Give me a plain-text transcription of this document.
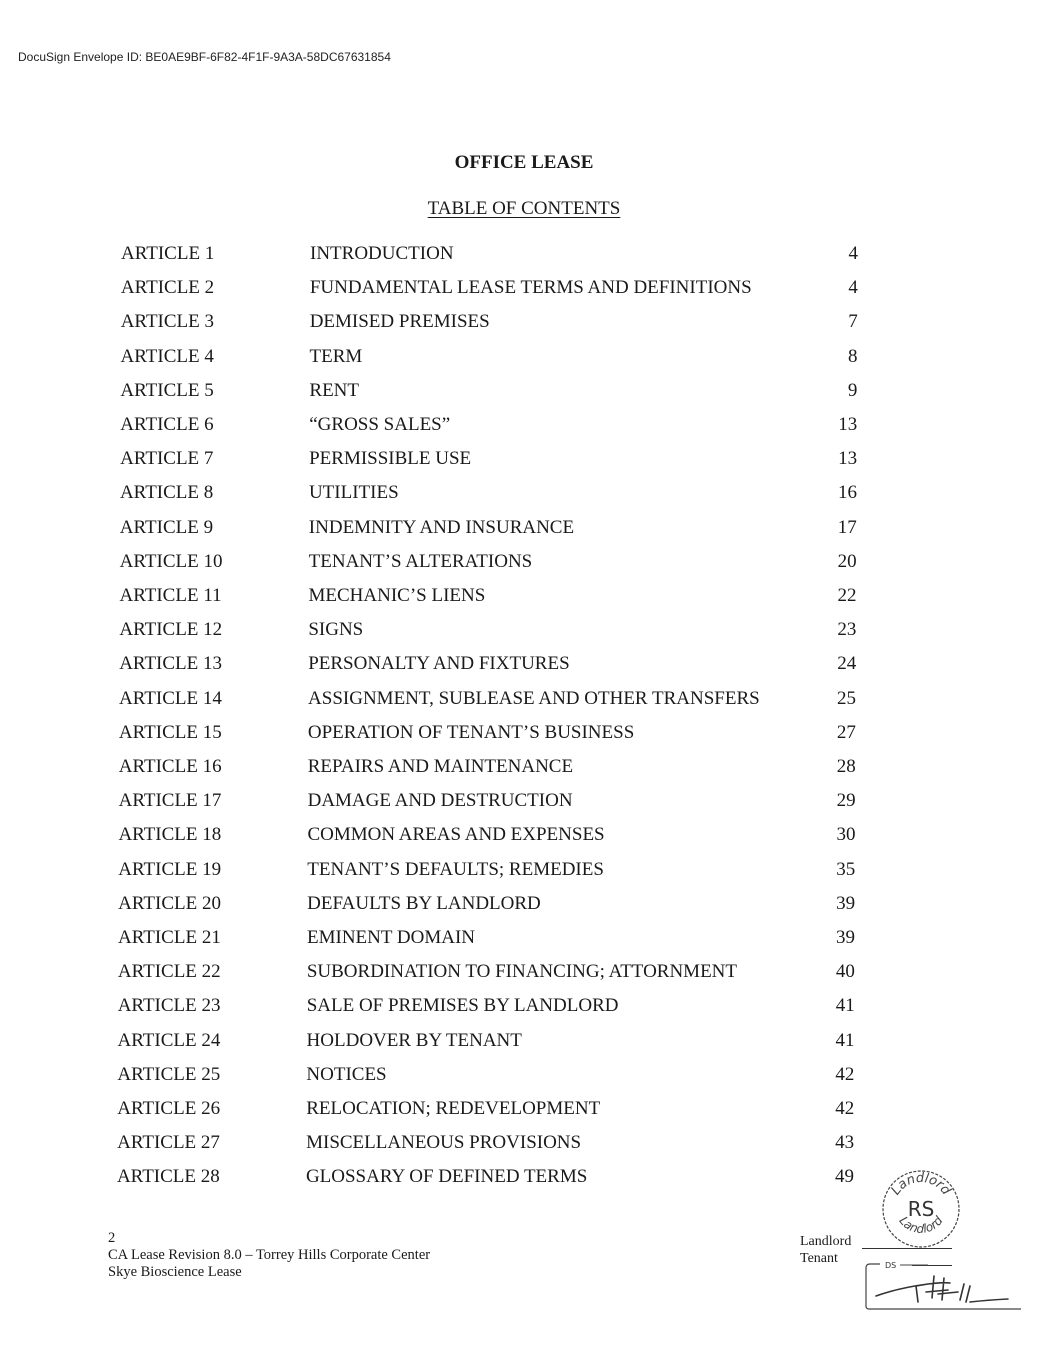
DocuSign Envelope ID: BE0AE9BF-6F82-4F1F-9A3A-58DC67631854
OFFICE LEASE
TABLE OF CONTENTS
ARTICLE 1	INTRODUCTION	4
ARTICLE 2	FUNDAMENTAL LEASE TERMS AND DEFINITIONS	4
ARTICLE 3	DEMISED PREMISES	7
ARTICLE 4	TERM	8
ARTICLE 5	RENT	9
ARTICLE 6	“GROSS SALES”	13
ARTICLE 7	PERMISSIBLE USE	13
ARTICLE 8	UTILITIES	16
ARTICLE 9	INDEMNITY AND INSURANCE	17
ARTICLE 10	TENANT’S ALTERATIONS	20
ARTICLE 11	MECHANIC’S LIENS	22
ARTICLE 12	SIGNS	23
ARTICLE 13	PERSONALTY AND FIXTURES	24
ARTICLE 14	ASSIGNMENT, SUBLEASE AND OTHER TRANSFERS	25
ARTICLE 15	OPERATION OF TENANT’S BUSINESS	27
ARTICLE 16	REPAIRS AND MAINTENANCE	28
ARTICLE 17	DAMAGE AND DESTRUCTION	29
ARTICLE 18	COMMON AREAS AND EXPENSES	30
ARTICLE 19	TENANT’S DEFAULTS; REMEDIES	35
ARTICLE 20	DEFAULTS BY LANDLORD	39
ARTICLE 21	EMINENT DOMAIN	39
ARTICLE 22	SUBORDINATION TO FINANCING; ATTORNMENT	40
ARTICLE 23	SALE OF PREMISES BY LANDLORD	41
ARTICLE 24	HOLDOVER BY TENANT	41
ARTICLE 25	NOTICES	42
ARTICLE 26	RELOCATION; REDEVELOPMENT	42
ARTICLE 27	MISCELLANEOUS PROVISIONS	43
ARTICLE 28	GLOSSARY OF DEFINED TERMS	49
2
CA Lease Revision 8.0 – Torrey Hills Corporate Center
Skye Bioscience Lease
Landlord
Tenant
Landlord
RS
Landlord
DS
